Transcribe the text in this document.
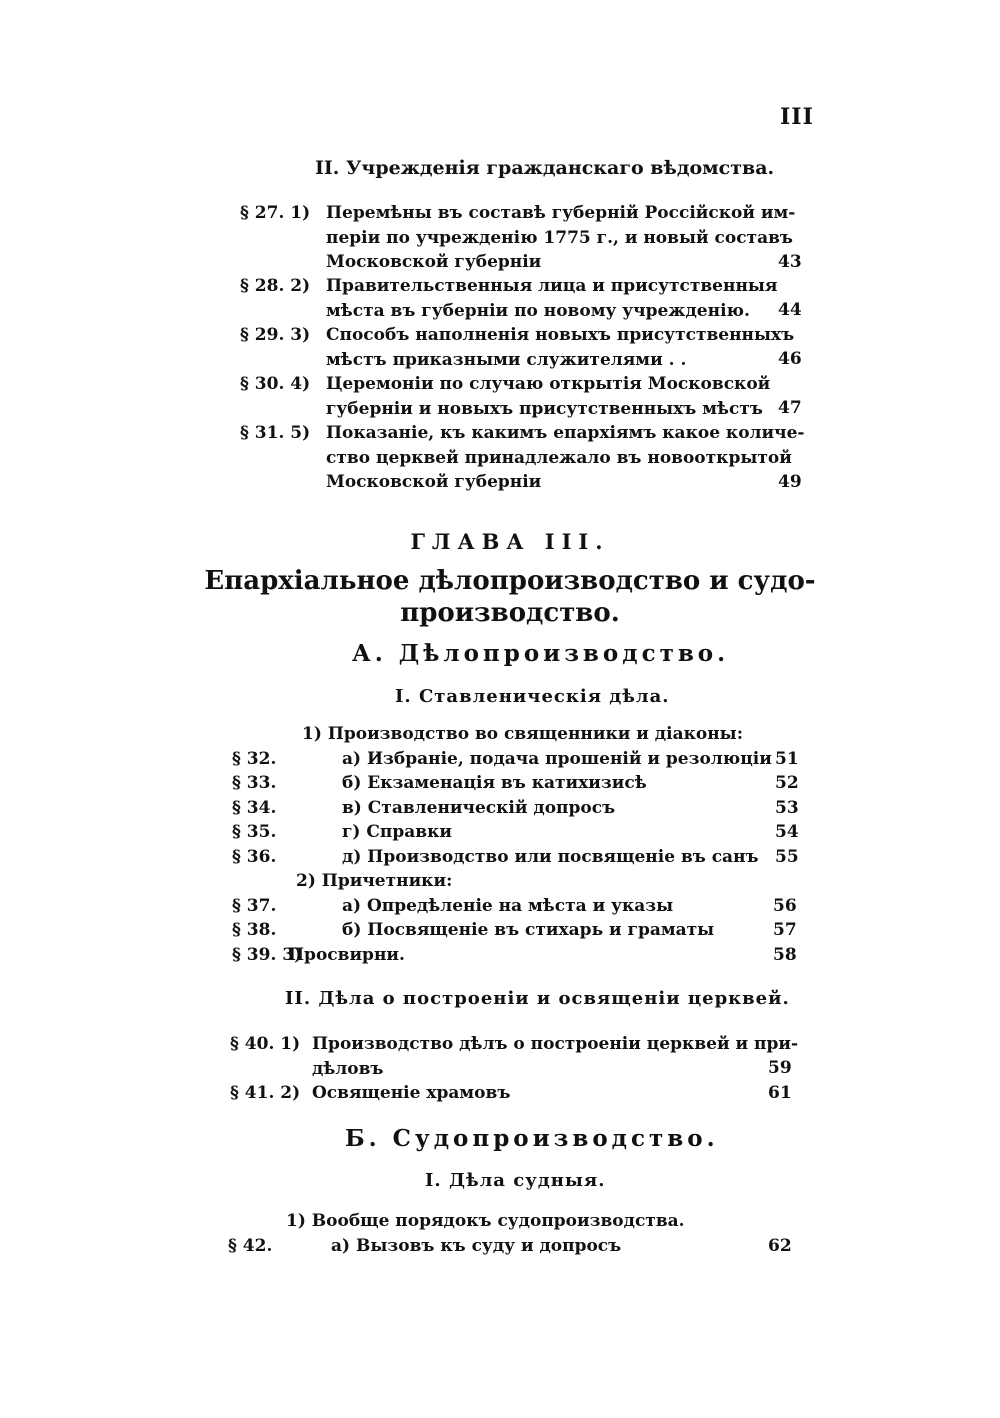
III
II. Учрежденія гражданскаго вѣдомства.
§ 27. 1) Перемѣны въ составѣ губерній Россійской им-
періи по учрежденію 1775 г., и новый составъ
Московской губерніи	43
§ 28. 2) Правительственныя лица и присутственныя
мѣста въ губерніи по новому учрежденію.	44
§ 29. 3) Способъ наполненія новыхъ присутственныхъ
мѣстъ приказными служителями . .	46
§ 30. 4) Церемоніи по случаю открытія Московской
губерніи и новыхъ присутственныхъ мѣстъ 47
§ 31. 5) Показаніе, къ какимъ епархіямъ какое количе-
ство церквей принадлежало въ новооткрытой
Московской губерніи	49
ГЛАВА III.
Епархіальное дѣлопроизводство и судо-
производство.
А. Дѣлопроизводство.
I. Ставленическія дѣла.
1) Производство во священники и діаконы:
§ 32.	а) Избраніе, подача прошеній и резолюціи 51
§ 33.	б) Екзаменація въ катихизисѣ	52
§ 34.	в) Ставленическій допросъ	53
§ 35.	г) Справки	54
§ 36.	д) Производство или посвященіе въ санъ 55
2) Причетники:
§ 37.	а) Опредѣленіе на мѣста и указы	56
§ 38.	б) Посвященіе въ стихарь и граматы	57
§ 39. 3)
Просвирни.	58
II. Дѣла о построеніи и освященіи церквей.
§ 40. 1) Производство дѣлъ о построеніи церквей и при-
дѣловъ	59
§ 41. 2) Освященіе храмовъ	61
Б. Судопроизводство.
I. Дѣла судныя.
1) Вообще порядокъ судопроизводства.
§ 42.	а) Вызовъ къ суду и допросъ	62
